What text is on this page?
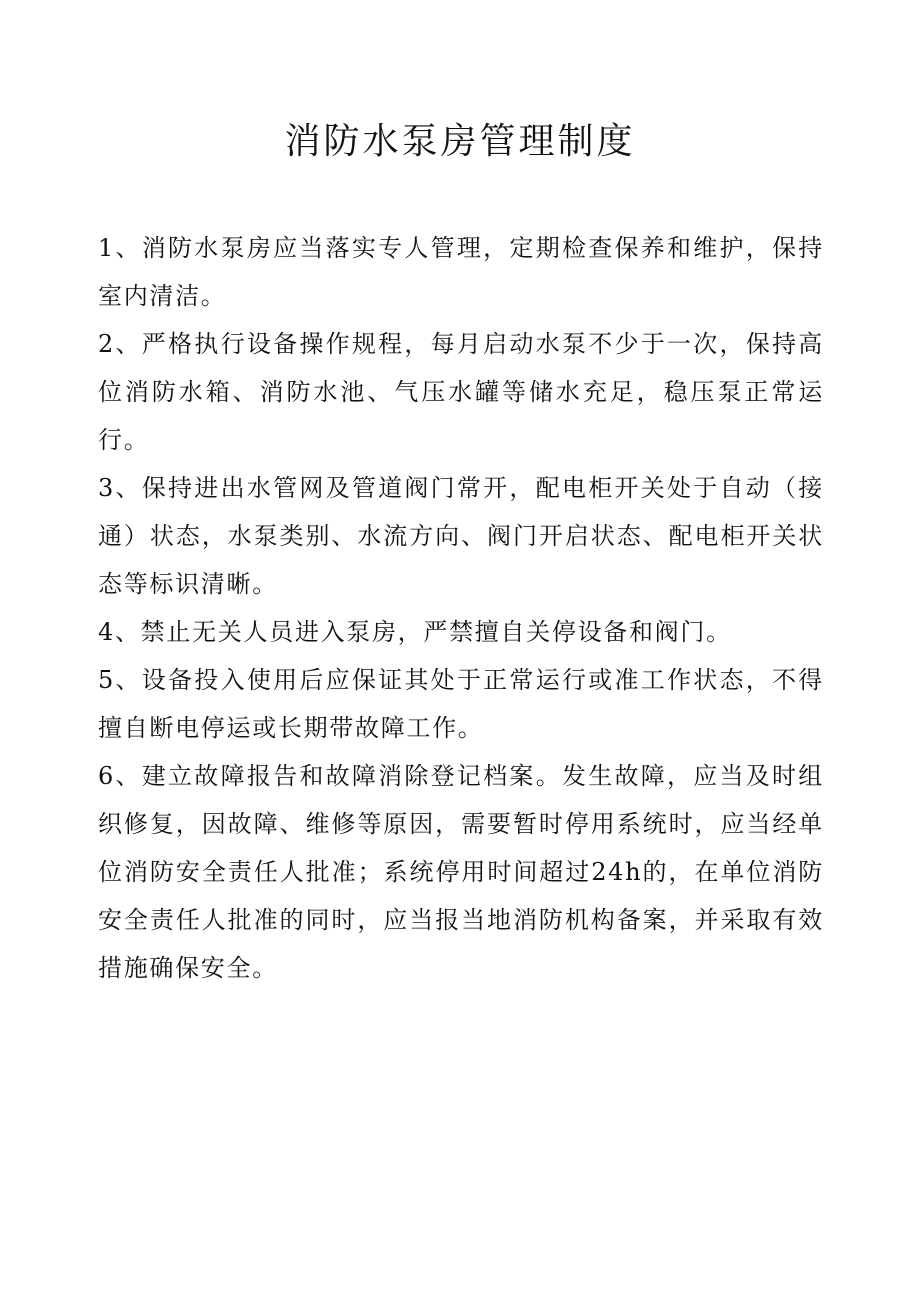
消防水泵房管理制度
1、消防水泵房应当落实专人管理，定期检查保养和维护，保持室内清洁。
2、严格执行设备操作规程，每月启动水泵不少于一次，保持高位消防水箱、消防水池、气压水罐等储水充足，稳压泵正常运行。
3、保持进出水管网及管道阀门常开，配电柜开关处于自动（接通）状态，水泵类别、水流方向、阀门开启状态、配电柜开关状态等标识清晰。
4、禁止无关人员进入泵房，严禁擅自关停设备和阀门。
5、设备投入使用后应保证其处于正常运行或准工作状态，不得擅自断电停运或长期带故障工作。
6、建立故障报告和故障消除登记档案。发生故障，应当及时组织修复，因故障、维修等原因，需要暂时停用系统时，应当经单位消防安全责任人批准；系统停用时间超过24h的，在单位消防安全责任人批准的同时，应当报当地消防机构备案，并采取有效措施确保安全。
